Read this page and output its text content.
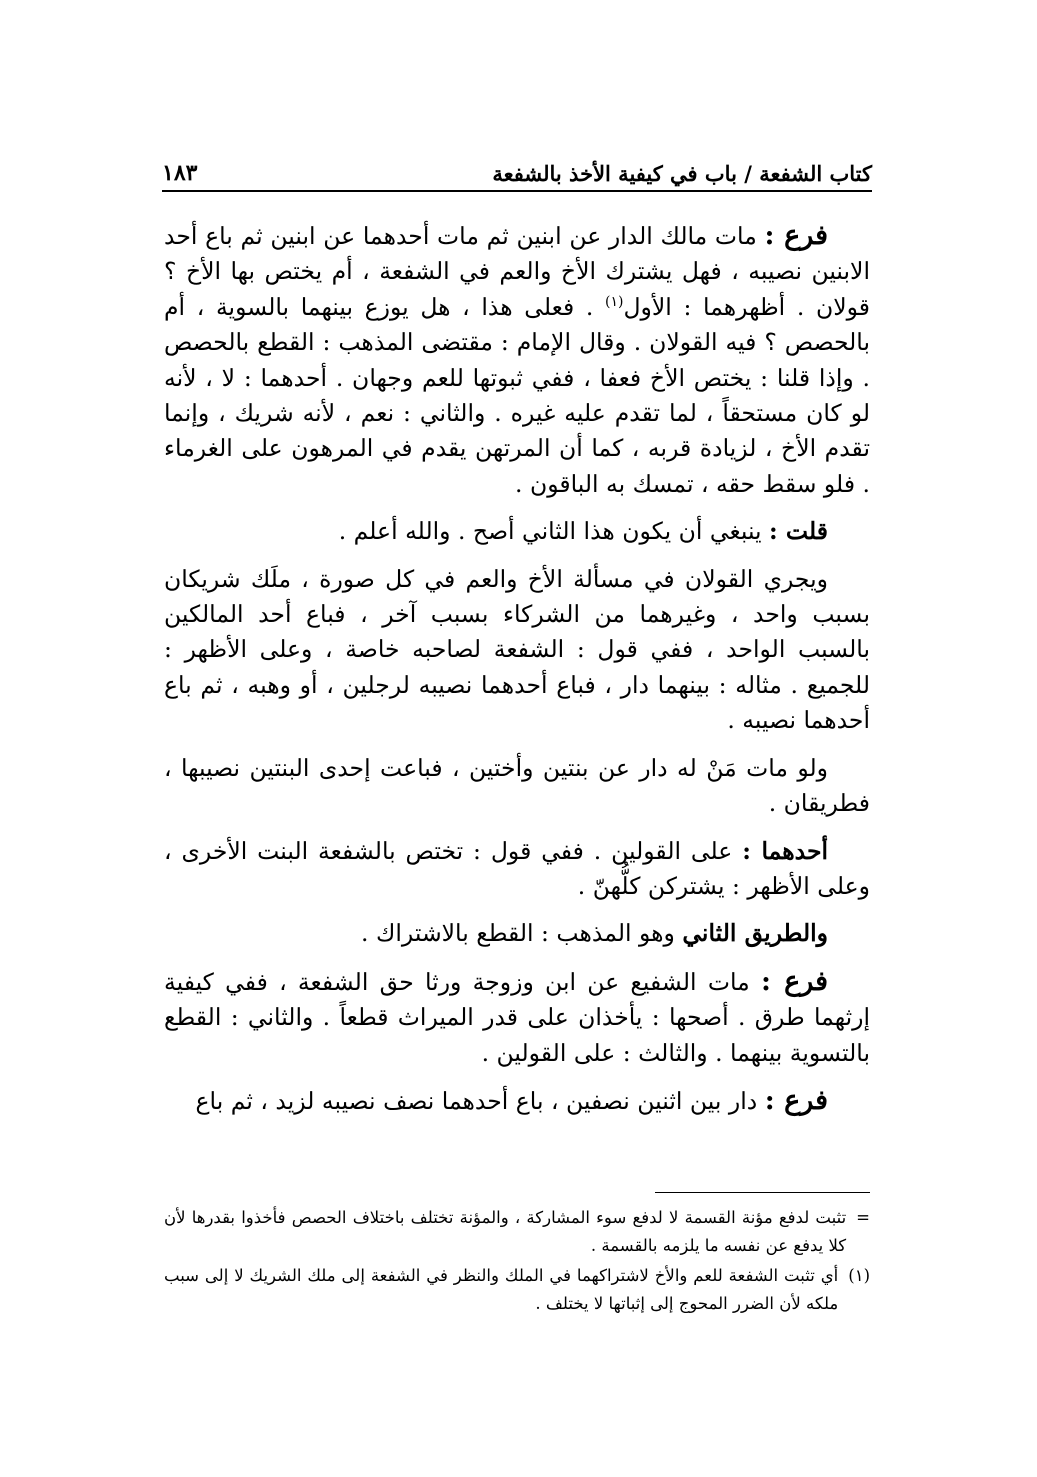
كتاب الشفعة / باب في كيفية الأخذ بالشفعة
١٨٣

فرع : مات مالك الدار عن ابنين ثم مات أحدهما عن ابنين ثم باع أحد الابنين نصيبه ، فهل يشترك الأخ والعم في الشفعة ، أم يختص بها الأخ ؟ قولان . أظهرهما : الأول$^{(١)}$ . فعلى هذا ، هل يوزع بينهما بالسوية ، أم بالحصص ؟ فيه القولان . وقال الإمام : مقتضى المذهب : القطع بالحصص . وإذا قلنا : يختص الأخ فعفا ، ففي ثبوتها للعم وجهان . أحدهما : لا ، لأنه لو كان مستحقاً ، لما تقدم عليه غيره . والثاني : نعم ، لأنه شريك ، وإنما تقدم الأخ ، لزيادة قربه ، كما أن المرتهن يقدم في المرهون على الغرماء . فلو سقط حقه ، تمسك به الباقون .

قلت : ينبغي أن يكون هذا الثاني أصح . والله أعلم .

ويجري القولان في مسألة الأخ والعم في كل صورة ، ملَك شريكان بسبب واحد ، وغيرهما من الشركاء بسبب آخر ، فباع أحد المالكين بالسبب الواحد ، ففي قول : الشفعة لصاحبه خاصة ، وعلى الأظهر : للجميع . مثاله : بينهما دار ، فباع أحدهما نصيبه لرجلين ، أو وهبه ، ثم باع أحدهما نصيبه .

ولو مات مَنْ له دار عن بنتين وأختين ، فباعت إحدى البنتين نصيبها ، فطريقان .

أحدهما : على القولين . ففي قول : تختص بالشفعة البنت الأخرى ، وعلى الأظهر : يشتركن كلُّهنّ .

والطريق الثاني وهو المذهب : القطع بالاشتراك .

فرع : مات الشفيع عن ابن وزوجة ورثا حق الشفعة ، ففي كيفية إرثهما طرق . أصحها : يأخذان على قدر الميراث قطعاً . والثاني : القطع بالتسوية بينهما . والثالث : على القولين .

فرع : دار بين اثنين نصفين ، باع أحدهما نصف نصيبه لزيد ، ثم باع

=
تثبت لدفع مؤنة القسمة لا لدفع سوء المشاركة ، والمؤنة تختلف باختلاف الحصص فأخذوا بقدرها لأن كلا يدفع عن نفسه ما يلزمه بالقسمة .
(١)
أي تثبت الشفعة للعم والأخ لاشتراكهما في الملك والنظر في الشفعة إلى ملك الشريك لا إلى سبب ملكه لأن الضرر المحوج إلى إثباتها لا يختلف .
